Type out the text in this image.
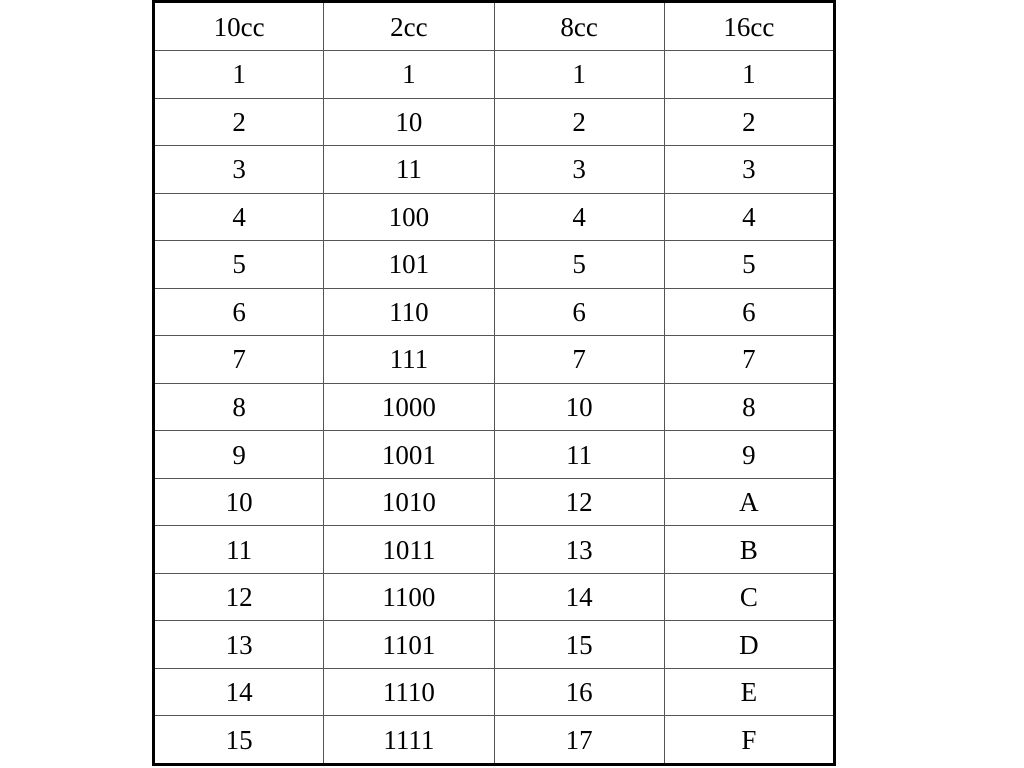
10cc	2cc	8cc	16cc
1	1	1	1
2	10	2	2
3	11	3	3
4	100	4	4
5	101	5	5
6	110	6	6
7	111	7	7
8	1000	10	8
9	1001	11	9
10	1010	12	A
11	1011	13	B
12	1100	14	C
13	1101	15	D
14	1110	16	E
15	1111	17	F
